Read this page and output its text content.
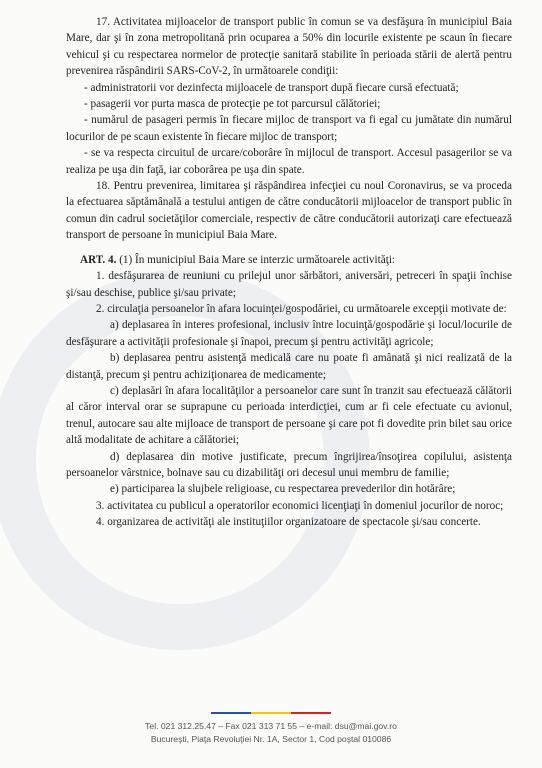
17. Activitatea mijloacelor de transport public în comun se va desfăşura în municipiul Baia Mare, dar şi în zona metropolitană prin ocuparea a 50% din locurile existente pe scaun în fiecare vehicul şi cu respectarea normelor de protecţie sanitară stabilite în perioada stării de alertă pentru prevenirea răspândirii SARS-CoV-2, în următoarele condiţii:

- administratorii vor dezinfecta mijloacele de transport după fiecare cursă efectuată;

- pasagerii vor purta masca de protecţie pe tot parcursul călătoriei;

- numărul de pasageri permis în fiecare mijloc de transport va fi egal cu jumătate din numărul locurilor de pe scaun existente în fiecare mijloc de transport;

- se va respecta circuitul de urcare/coborâre în mijlocul de transport. Accesul pasagerilor se va realiza pe uşa din faţă, iar coborârea pe uşa din spate.

18. Pentru prevenirea, limitarea şi răspândirea infecţiei cu noul Coronavirus, se va proceda la efectuarea săptămânală a testului antigen de către conducătorii mijloacelor de transport public în comun din cadrul societăţilor comerciale, respectiv de către conducătorii autorizaţi care efectuează transport de persoane în municipiul Baia Mare.

ART. 4. (1) În municipiul Baia Mare se interzic următoarele activităţi:

1. desfăşurarea de reuniuni cu prilejul unor sărbători, aniversări, petreceri în spaţii închise şi/sau deschise, publice şi/sau private;

2. circulaţia persoanelor în afara locuinţei/gospodăriei, cu următoarele excepţii motivate de:

a) deplasarea în interes profesional, inclusiv între locuinţă/gospodărie şi locul/locurile de desfăşurare a activităţii profesionale şi înapoi, precum şi pentru activităţi agricole;

b) deplasarea pentru asistenţă medicală care nu poate fi amânată şi nici realizată de la distanţă, precum şi pentru achiziţionarea de medicamente;

c) deplasări în afara localităţilor a persoanelor care sunt în tranzit sau efectuează călătorii al căror interval orar se suprapune cu perioada interdicţiei, cum ar fi cele efectuate cu avionul, trenul, autocare sau alte mijloace de transport de persoane şi care pot fi dovedite prin bilet sau orice altă modalitate de achitare a călătoriei;

d) deplasarea din motive justificate, precum îngrijirea/însoţirea copilului, asistenţa persoanelor vârstnice, bolnave sau cu dizabilităţi ori decesul unui membru de familie;

e) participarea la slujbele religioase, cu respectarea prevederilor din hotărâre;

3. activitatea cu publicul a operatorilor economici licenţiaţi în domeniul jocurilor de noroc;

4. organizarea de activităţi ale instituţiilor organizatoare de spectacole şi/sau concerte.

Tel. 021 312.25.47 – Fax 021 313 71 55 – e-mail: dsu@mai.gov.ro
Bucureşti, Piaţa Revoluţiei Nr. 1A, Sector 1, Cod poştal 010086
